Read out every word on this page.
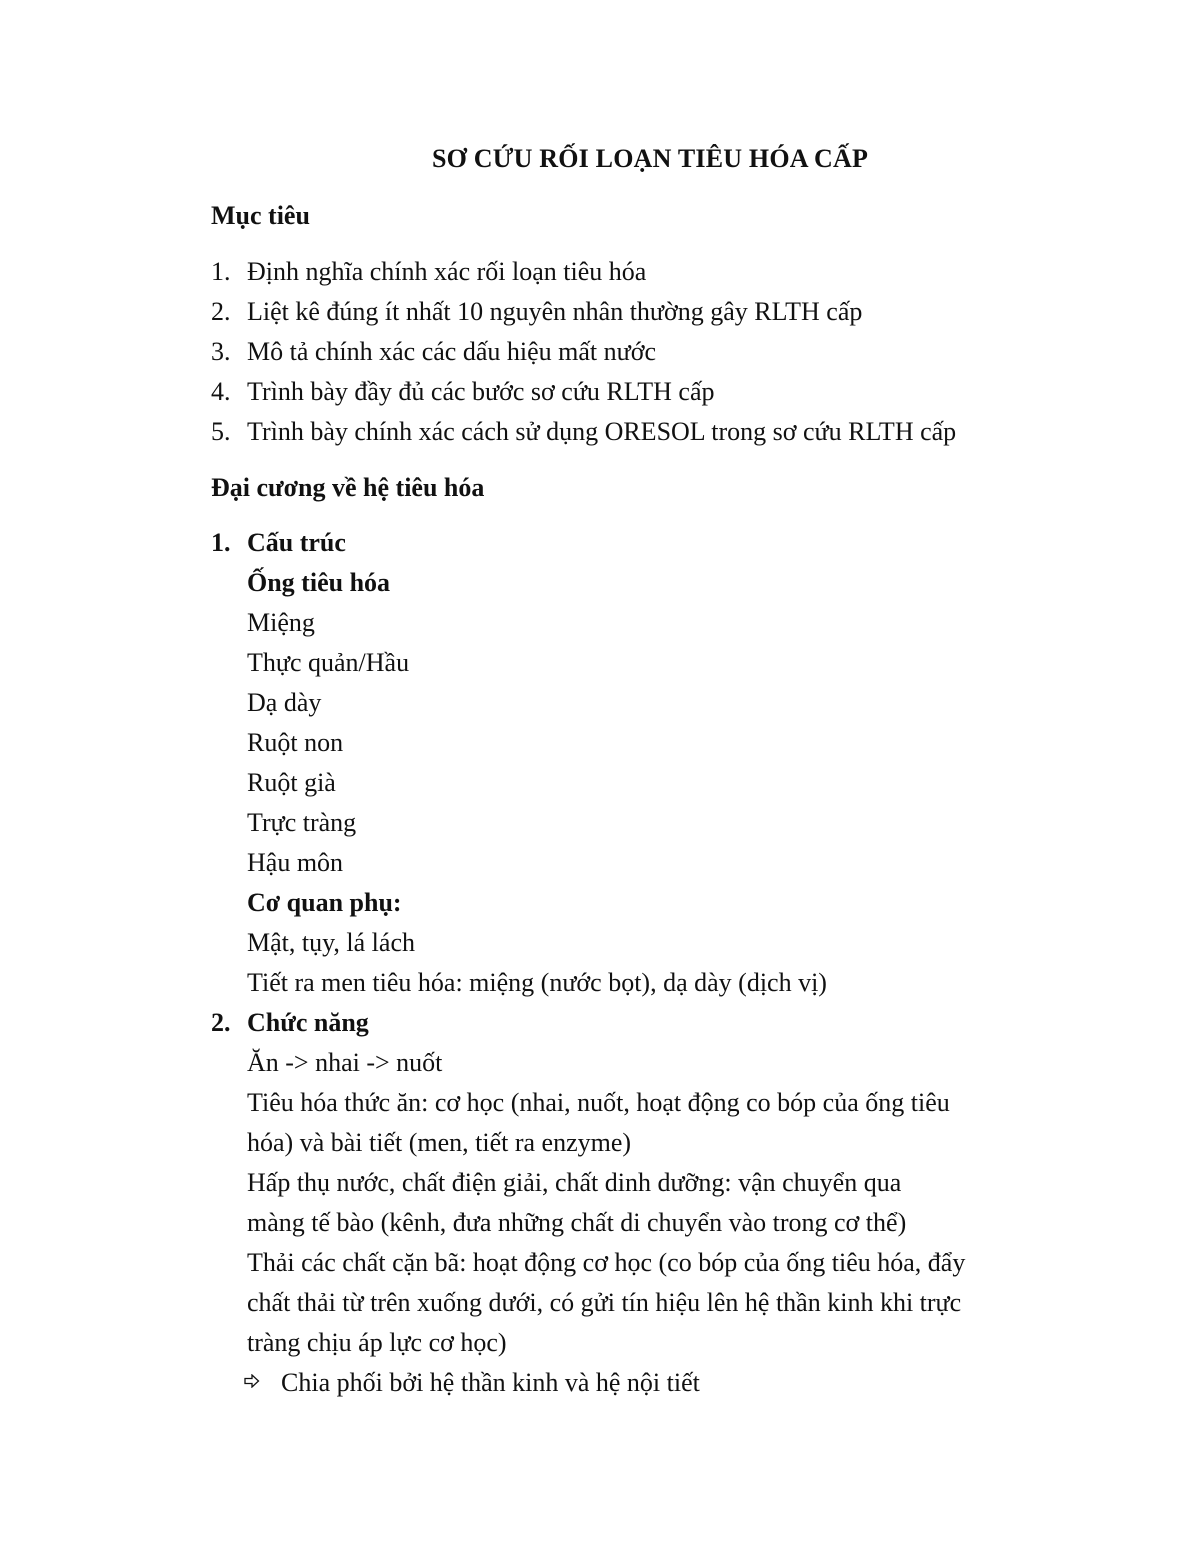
SƠ CỨU RỐI LOẠN TIÊU HÓA CẤP
Mục tiêu
1. Định nghĩa chính xác rối loạn tiêu hóa
2. Liệt kê đúng ít nhất 10 nguyên nhân thường gây RLTH cấp
3. Mô tả chính xác các dấu hiệu mất nước
4. Trình bày đầy đủ các bước sơ cứu RLTH cấp
5. Trình bày chính xác cách sử dụng ORESOL trong sơ cứu RLTH cấp
Đại cương về hệ tiêu hóa
1. Cấu trúc
Ống tiêu hóa
Miệng
Thực quản/Hầu
Dạ dày
Ruột non
Ruột già
Trực tràng
Hậu môn
Cơ quan phụ:
Mật, tụy, lá lách
Tiết ra men tiêu hóa: miệng (nước bọt), dạ dày (dịch vị)
2. Chức năng
Ăn -> nhai -> nuốt
Tiêu hóa thức ăn: cơ học (nhai, nuốt, hoạt động co bóp của ống tiêu
hóa) và bài tiết (men, tiết ra enzyme)
Hấp thụ nước, chất điện giải, chất dinh dưỡng: vận chuyển qua
màng tế bào (kênh, đưa những chất di chuyển vào trong cơ thể)
Thải các chất cặn bã: hoạt động cơ học (co bóp của ống tiêu hóa, đẩy
chất thải từ trên xuống dưới, có gửi tín hiệu lên hệ thần kinh khi trực
tràng chịu áp lực cơ học)
Chia phối bởi hệ thần kinh và hệ nội tiết
